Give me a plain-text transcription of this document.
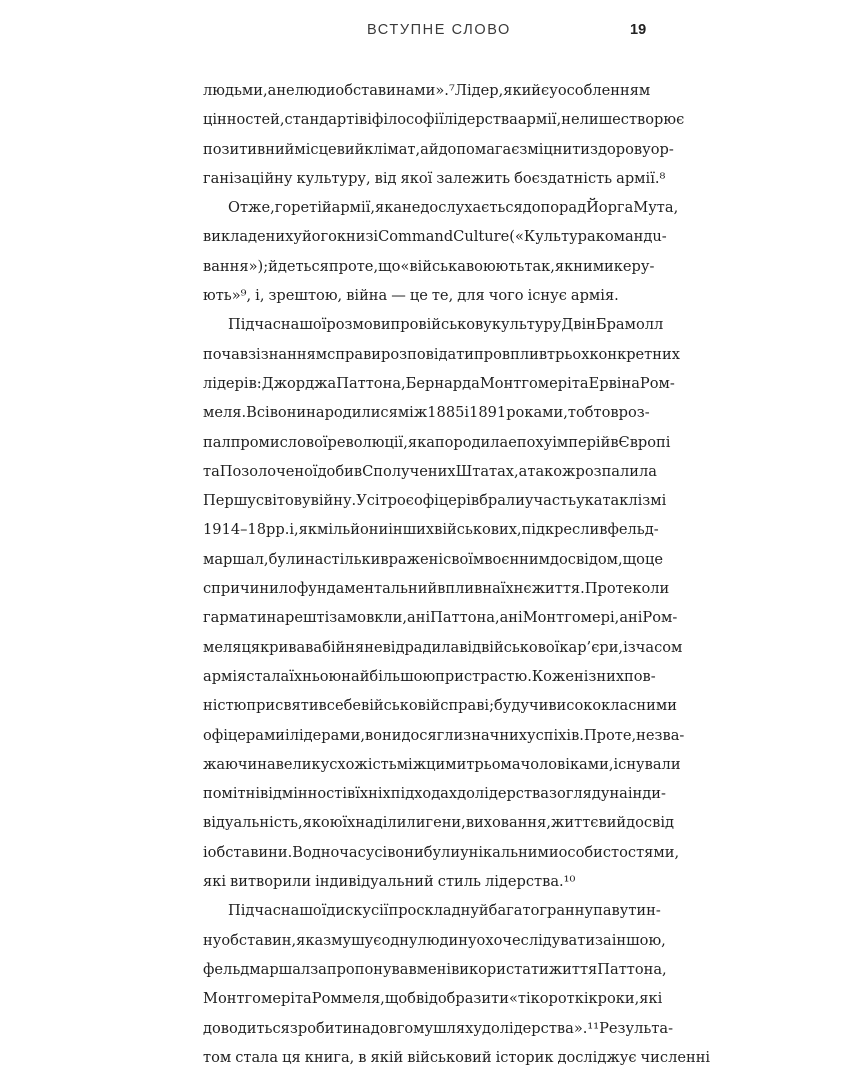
ВСТУПНЕ СЛОВО	19
людьми, а не люди обставинами».⁷ Лідер, який є уособленням
цінностей, стандартів і філософії лідерства армії, не лише створює
позитивний місцевий клімат, а й допомагає зміцнити здорову ор-
ганізаційну культуру, від якої залежить боєздатність армії.⁸
Отже, горе тій армії, яка не дослухається до порад Йорга Мута,
викладених у його книзі Command Culture («Культура командu-
вання»); йдеться про те, що «війська воюють так, як ними керу-
ють»⁹, і, зрештою, війна — це те, для чого існує армія.
Під час нашої розмови про військову культуру Двін Брамолл
почав зі знанням справи розповідати про вплив трьох конкретних
лідерів: Джорджа Паттона, Бернарда Монтгомері та Ервіна Ром-
меля. Всі вони народилися між 1885 і 1891 роками, тобто в роз-
пал промислової революції, яка породила епоху імперій в Європі
та Позолоченої доби в Сполучених Штатах, а також розпалила
Першу світову війну. Усі троє офіцерів брали участь у катаклізмі
1914–18 рр. і, як мільйони інших військових, підкреслив фельд-
маршал, були настільки вражені своїм воєнним досвідом, що це
спричинило фундаментальний вплив на їхнє життя. Проте коли
гармати нарешті замовкли, ані Паттона, ані Монтгомері, ані Ром-
меля ця кривава бійня не відрадила від військової кар’єри, і з часом
армія стала їхньою найбільшою пристрастю. Кожен із них пов-
ністю присвятив себе військовій справі; будучи висококласними
офіцерами і лідерами, вони досягли значних успіхів. Проте, незва-
жаючи на велику схожість між цими трьома чоловіками, існували
помітні відмінності в їхніх підходах до лідерства з огляду на інди-
відуальність, якою їх наділили гени, виховання, життєвий досвід
і обставини. Водночас усі вони були унікальними особистостями,
які витворили індивідуальний стиль лідерства.¹⁰
Під час нашої дискусії про складну й багатогранну павутин-
ну обставин, яка змушує одну людину охоче слідувати за іншою,
фельдмаршал запропонував мені використати життя Паттона,
Монтгомері та Роммеля, щоб відобразити «ті короткі кроки, які
доводиться зробити на довгому шляху до лідерства».¹¹ Результа-
том стала ця книга, в якій військовий історик досліджує численні
